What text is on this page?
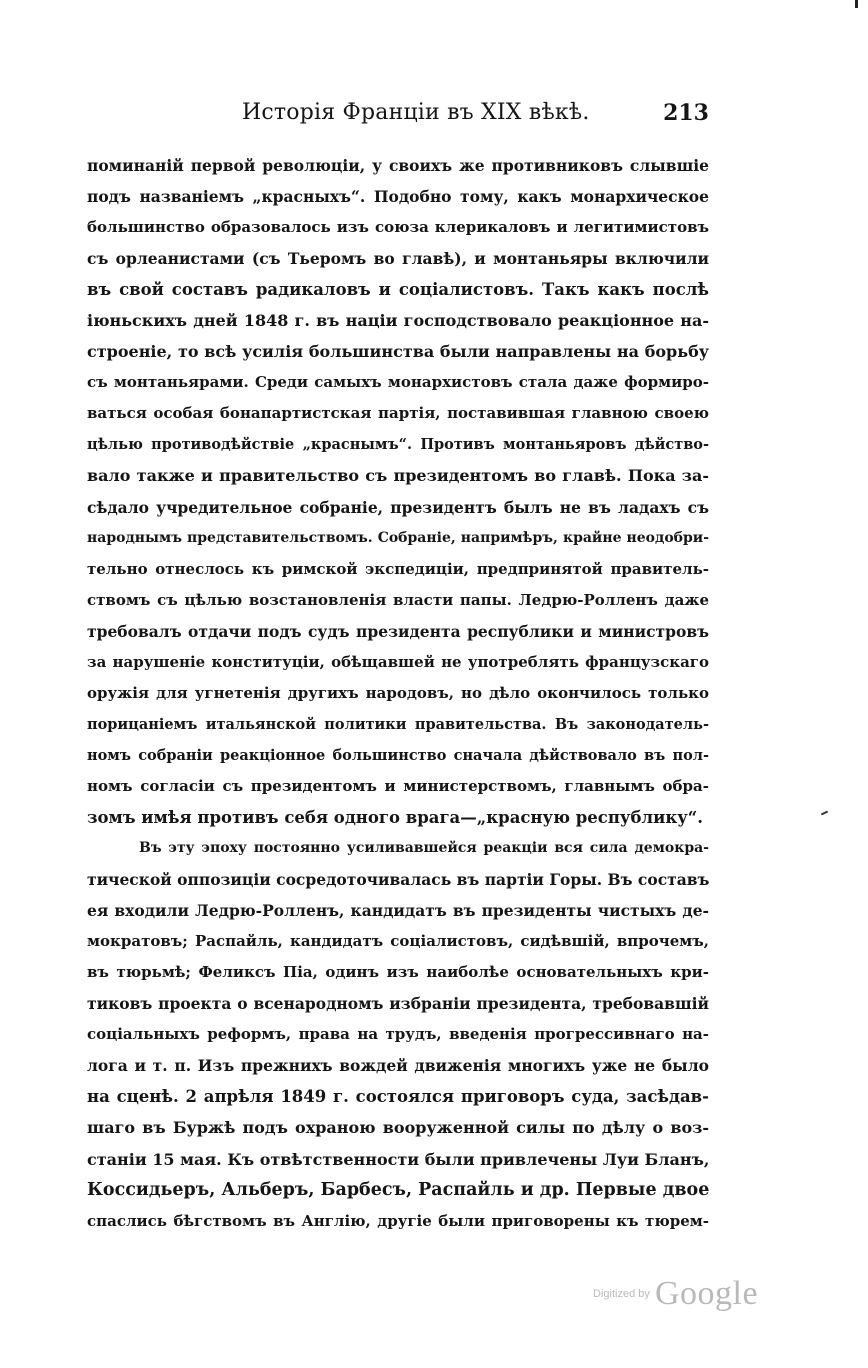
Исторія Франціи въ XIX вѣкѣ.	213
поминаній первой революціи, у своихъ же противниковъ слывшіе
подъ названіемъ „красныхъ“. Подобно тому, какъ монархическое
большинство образовалось изъ союза клерикаловъ и легитимистовъ
съ орлеанистами (съ Тьеромъ во главѣ), и монтаньяры включили
въ свой составъ радикаловъ и соціалистовъ. Такъ какъ послѣ
іюньскихъ дней 1848 г. въ націи господствовало реакціонное на-
строеніе, то всѣ усилія большинства были направлены на борьбу
съ монтаньярами. Среди самыхъ монархистовъ стала даже формиро-
ваться особая бонапартистская партія, поставившая главною своею
цѣлью противодѣйствіе „краснымъ“. Противъ монтаньяровъ дѣйство-
вало также и правительство съ президентомъ во главѣ. Пока за-
сѣдало учредительное собраніе, президентъ былъ не въ ладахъ съ
народнымъ представительствомъ. Собраніе, напримѣръ, крайне неодобри-
тельно отнеслось къ римской экспедиціи, предпринятой правитель-
ствомъ съ цѣлью возстановленія власти папы. Ледрю-Ролленъ даже
требовалъ отдачи подъ судъ президента республики и министровъ
за нарушеніе конституціи, обѣщавшей не употреблять французскаго
оружія для угнетенія другихъ народовъ, но дѣло окончилось только
порицаніемъ итальянской политики правительства. Въ законодатель-
номъ собраніи реакціонное большинство сначала дѣйствовало въ пол-
номъ согласіи съ президентомъ и министерствомъ, главнымъ обра-
зомъ имѣя противъ себя одного врага—„красную республику“.
Въ эту эпоху постоянно усиливавшейся реакціи вся сила демокра-
тической оппозиціи сосредоточивалась въ партіи Горы. Въ составъ
ея входили Ледрю-Ролленъ, кандидатъ въ президенты чистыхъ де-
мократовъ; Распайль, кандидатъ соціалистовъ, сидѣвшій, впрочемъ,
въ тюрьмѣ; Феликсъ Піа, одинъ изъ наиболѣе основательныхъ кри-
тиковъ проекта о всенародномъ избраніи президента, требовавшій
соціальныхъ реформъ, права на трудъ, введенія прогрессивнаго на-
лога и т. п. Изъ прежнихъ вождей движенія многихъ уже не было
на сценѣ. 2 апрѣля 1849 г. состоялся приговоръ суда, засѣдав-
шаго въ Буржѣ подъ охраною вооруженной силы по дѣлу о воз-
станіи 15 мая. Къ отвѣтственности были привлечены Луи Бланъ,
Коссидьеръ, Альберъ, Барбесъ, Распайль и др. Первые двое
спаслись бѣгствомъ въ Англію, другіе были приговорены къ тюрем-
Digitized by Google
